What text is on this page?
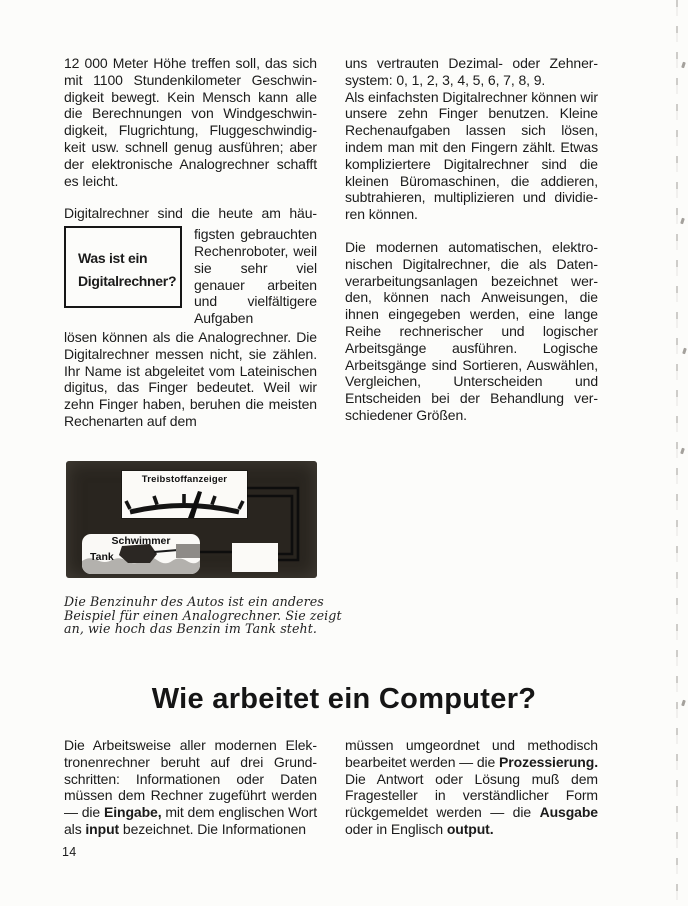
12 000 Meter Höhe treffen soll, das sich mit 1100 Stundenkilometer Geschwindigkeit bewegt. Kein Mensch kann alle die Berechnungen von Windgeschwindigkeit, Flugrichtung, Fluggeschwindigkeit usw. schnell genug ausführen; aber der elektronische Analogrechner schafft es leicht.

Digitalrechner sind die heute am häu-
Was ist ein
Digitalrechner?
figsten gebrauchten Rechenroboter, weil sie sehr viel genauer arbeiten und vielfältigere Aufgaben
lösen können als die Analogrechner. Die Digitalrechner messen nicht, sie zählen. Ihr Name ist abgeleitet vom Lateinischen digitus, das Finger bedeutet. Weil wir zehn Finger haben, beruhen die meisten Rechenarten auf dem

uns vertrauten Dezimal- oder Zehnersystem: 0, 1, 2, 3, 4, 5, 6, 7, 8, 9.

Als einfachsten Digitalrechner können wir unsere zehn Finger benutzen. Kleine Rechenaufgaben lassen sich lösen, indem man mit den Fingern zählt. Etwas kompliziertere Digitalrechner sind die kleinen Büromaschinen, die addieren, subtrahieren, multiplizieren und dividieren können.

Die modernen automatischen, elektronischen Digitalrechner, die als Datenverarbeitungsanlagen bezeichnet werden, können nach Anweisungen, die ihnen eingegeben werden, eine lange Reihe rechnerischer und logischer Arbeitsgänge ausführen. Logische Arbeitsgänge sind Sortieren, Auswählen, Vergleichen, Unterscheiden und Entscheiden bei der Behandlung verschiedener Größen.

Treibstoffanzeiger
Schwimmer
Tank
Die Benzinuhr des Autos ist ein anderes Beispiel für einen Analogrechner. Sie zeigt an, wie hoch das Benzin im Tank steht.
Wie arbeitet ein Computer?

Die Arbeitsweise aller modernen Elektronenrechner beruht auf drei Grundschritten: Informationen oder Daten müssen dem Rechner zugeführt werden — die Eingabe, mit dem englischen Wort als input bezeichnet. Die Informationen

müssen umgeordnet und methodisch bearbeitet werden — die Prozessierung. Die Antwort oder Lösung muß dem Fragesteller in verständlicher Form rückgemeldet werden — die Ausgabe oder in Englisch output.

14
